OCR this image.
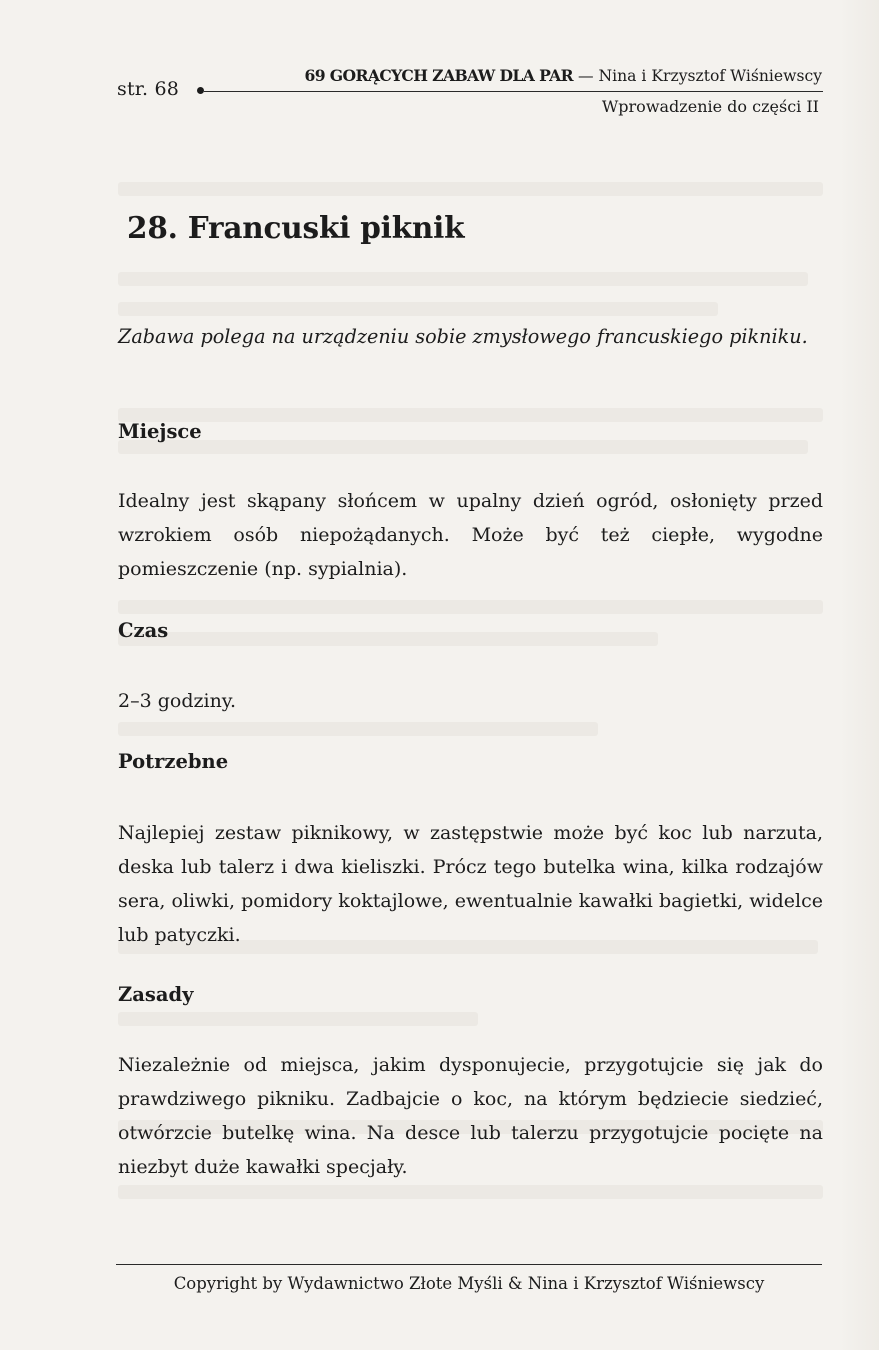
str. 68
69 GORĄCYCH ZABAW DLA PAR — Nina i Krzysztof Wiśniewscy
Wprowadzenie do części II
28. Francuski piknik

Zabawa polega na urządzeniu sobie zmysłowego francuskiego pikniku.

Miejsce

Idealny jest skąpany słońcem w upalny dzień ogród, osłonięty przed wzrokiem osób niepożądanych. Może być też ciepłe, wygodne pomieszczenie (np. sypialnia).

Czas

2–3 godziny.

Potrzebne

Najlepiej zestaw piknikowy, w zastępstwie może być koc lub narzuta, deska lub talerz i dwa kieliszki. Prócz tego butelka wina, kilka rodzajów sera, oliwki, pomidory koktajlowe, ewentualnie kawałki bagietki, widelce lub patyczki.

Zasady

Niezależnie od miejsca, jakim dysponujecie, przygotujcie się jak do prawdziwego pikniku. Zadbajcie o koc, na którym będziecie siedzieć, otwórzcie butelkę wina. Na desce lub talerzu przygotujcie pocięte na niezbyt duże kawałki specjały.

Copyright by Wydawnictwo Złote Myśli & Nina i Krzysztof Wiśniewscy
